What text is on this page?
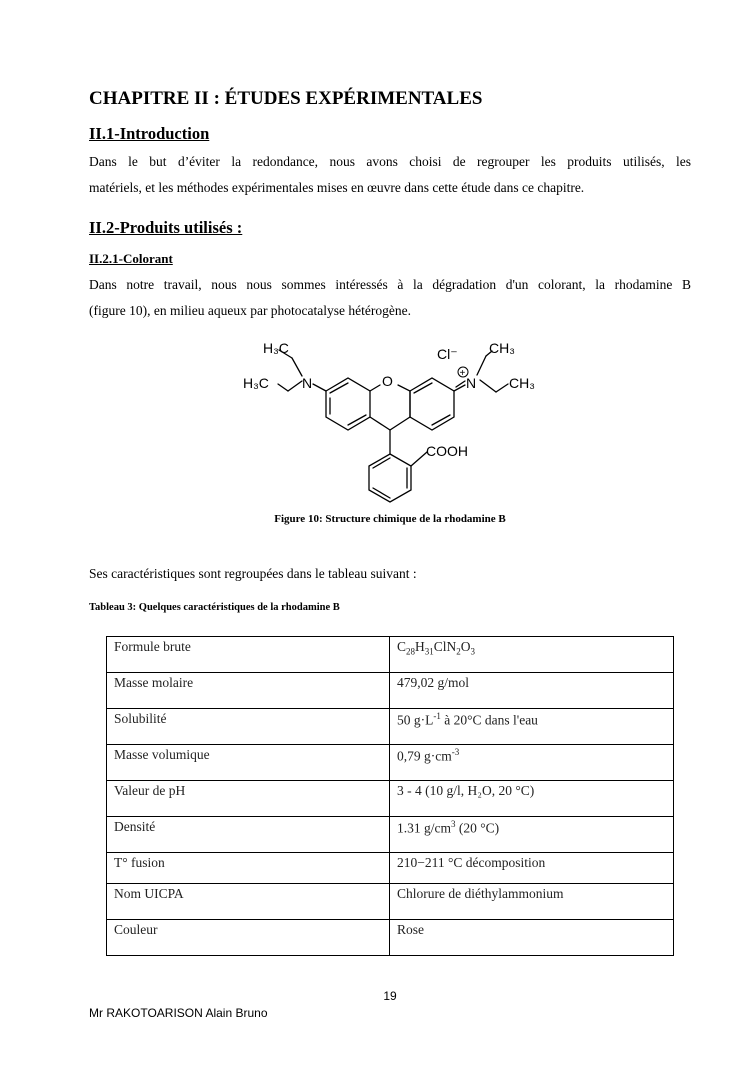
CHAPITRE II : ÉTUDES EXPÉRIMENTALES
II.1-Introduction
Dans le but d’éviter la redondance, nous avons choisi de regrouper les produits utilisés, les
matériels, et les méthodes expérimentales mises en œuvre dans cette étude dans ce chapitre.
II.2-Produits utilisés :
II.2.1-Colorant
Dans notre travail, nous nous sommes intéressés à la dégradation d'un colorant, la rhodamine B
(figure 10), en milieu aqueux par photocatalyse hétérogène.
H₃C
H₃C N	O
Cl⁻
+
N
CH₃
CH₃
COOH
Figure 10: Structure chimique de la rhodamine B
Ses caractéristiques sont regroupées dans le tableau suivant :
Tableau 3: Quelques caractéristiques de la rhodamine B
Formule brute	$C_{28}H_{31}ClN_2O_3$
Masse molaire	479,02 g/mol
Solubilité	50 $g\cdot L^{-1}$ à 20°C dans l'eau
Masse volumique	0,79 $g\cdot cm^{-3}$
Valeur de pH	3 - 4 (10 g/l, H₂O, 20 °C)
Densité	1.31 $g/cm^3$ (20 °C)
T° fusion	210−211 °C décomposition
Nom UICPA	Chlorure de diéthylammonium
Couleur	Rose
19
Mr RAKOTOARISON Alain Bruno
